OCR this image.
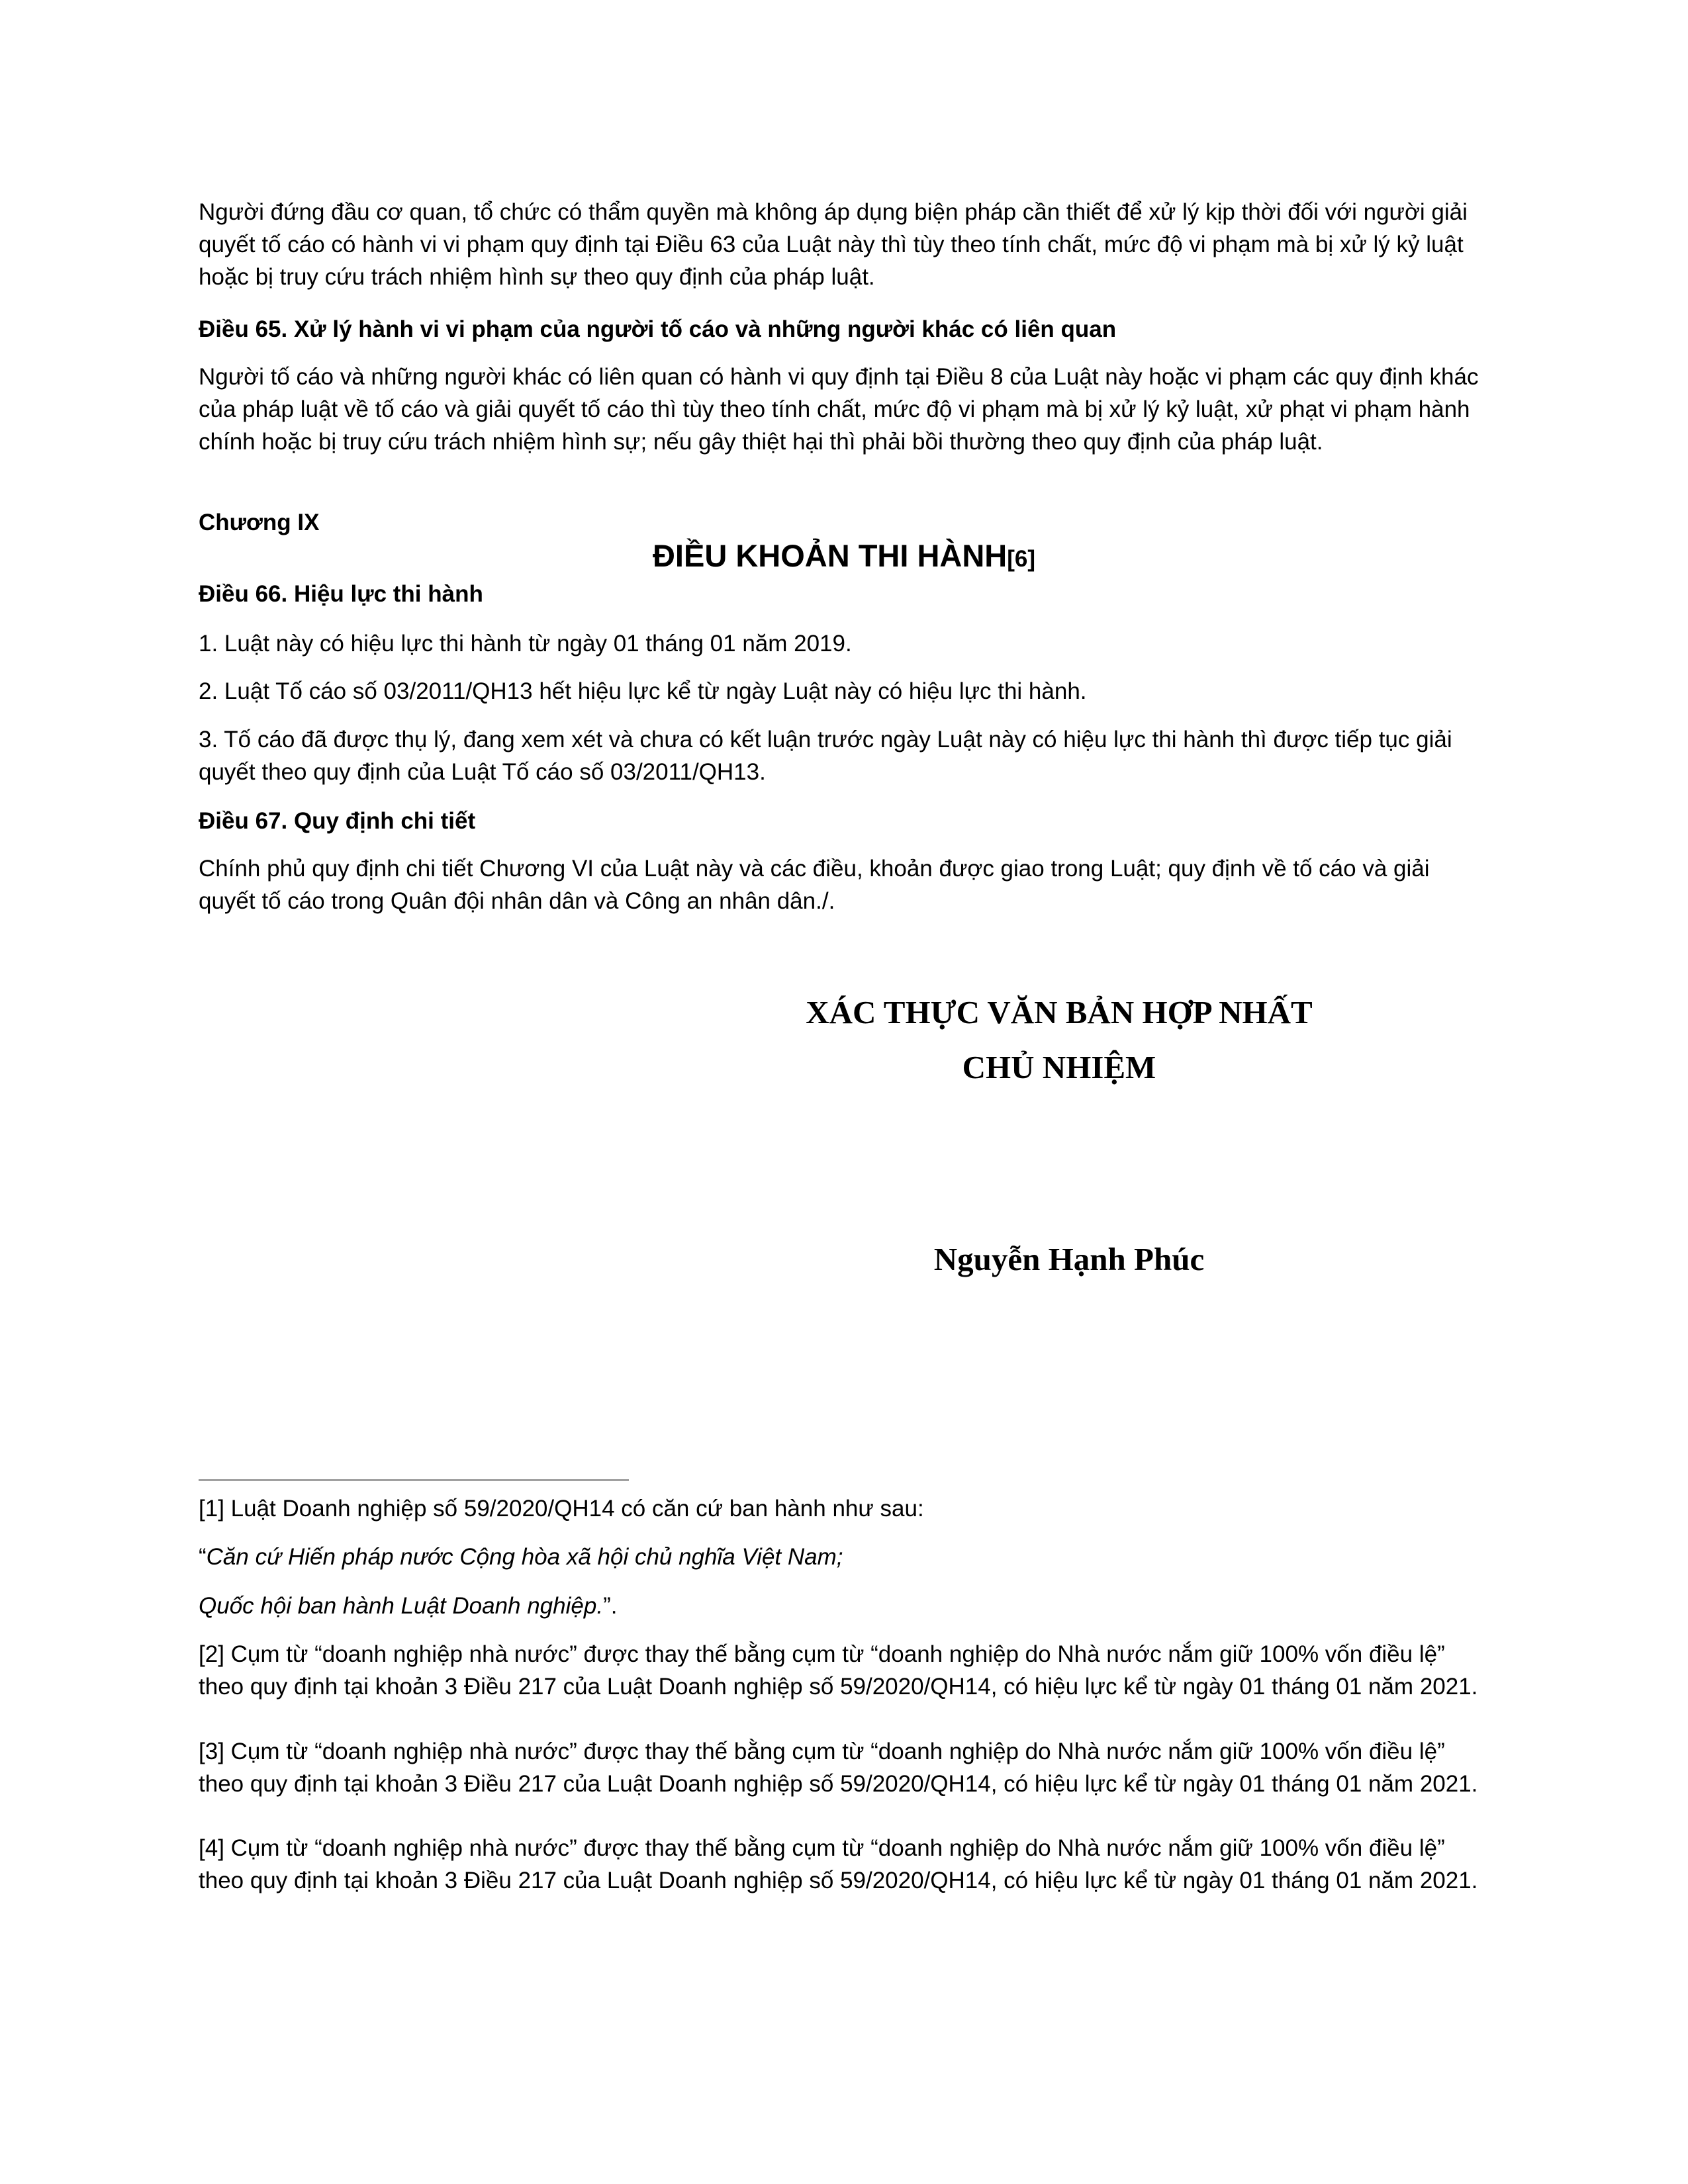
Người đứng đầu cơ quan, tổ chức có thẩm quyền mà không áp dụng biện pháp cần thiết để xử lý kịp thời đối với người giải quyết tố cáo có hành vi vi phạm quy định tại Điều 63 của Luật này thì tùy theo tính chất, mức độ vi phạm mà bị xử lý kỷ luật hoặc bị truy cứu trách nhiệm hình sự theo quy định của pháp luật.

Điều 65. Xử lý hành vi vi phạm của người tố cáo và những người khác có liên quan

Người tố cáo và những người khác có liên quan có hành vi quy định tại Điều 8 của Luật này hoặc vi phạm các quy định khác của pháp luật về tố cáo và giải quyết tố cáo thì tùy theo tính chất, mức độ vi phạm mà bị xử lý kỷ luật, xử phạt vi phạm hành chính hoặc bị truy cứu trách nhiệm hình sự; nếu gây thiệt hại thì phải bồi thường theo quy định của pháp luật.

Chương IX

ĐIỀU KHOẢN THI HÀNH[6]

Điều 66. Hiệu lực thi hành

1. Luật này có hiệu lực thi hành từ ngày 01 tháng 01 năm 2019.

2. Luật Tố cáo số 03/2011/QH13 hết hiệu lực kể từ ngày Luật này có hiệu lực thi hành.

3. Tố cáo đã được thụ lý, đang xem xét và chưa có kết luận trước ngày Luật này có hiệu lực thi hành thì được tiếp tục giải quyết theo quy định của Luật Tố cáo số 03/2011/QH13.

Điều 67. Quy định chi tiết

Chính phủ quy định chi tiết Chương VI của Luật này và các điều, khoản được giao trong Luật; quy định về tố cáo và giải quyết tố cáo trong Quân đội nhân dân và Công an nhân dân./.

XÁC THỰC VĂN BẢN HỢP NHẤT

CHỦ NHIỆM

Nguyễn Hạnh Phúc

[1] Luật Doanh nghiệp số 59/2020/QH14 có căn cứ ban hành như sau:

“Căn cứ Hiến pháp nước Cộng hòa xã hội chủ nghĩa Việt Nam;

Quốc hội ban hành Luật Doanh nghiệp.”.

[2] Cụm từ “doanh nghiệp nhà nước” được thay thế bằng cụm từ “doanh nghiệp do Nhà nước nắm giữ 100% vốn điều lệ” theo quy định tại khoản 3 Điều 217 của Luật Doanh nghiệp số 59/2020/QH14, có hiệu lực kể từ ngày 01 tháng 01 năm 2021.

[3] Cụm từ “doanh nghiệp nhà nước” được thay thế bằng cụm từ “doanh nghiệp do Nhà nước nắm giữ 100% vốn điều lệ” theo quy định tại khoản 3 Điều 217 của Luật Doanh nghiệp số 59/2020/QH14, có hiệu lực kể từ ngày 01 tháng 01 năm 2021.

[4] Cụm từ “doanh nghiệp nhà nước” được thay thế bằng cụm từ “doanh nghiệp do Nhà nước nắm giữ 100% vốn điều lệ” theo quy định tại khoản 3 Điều 217 của Luật Doanh nghiệp số 59/2020/QH14, có hiệu lực kể từ ngày 01 tháng 01 năm 2021.
